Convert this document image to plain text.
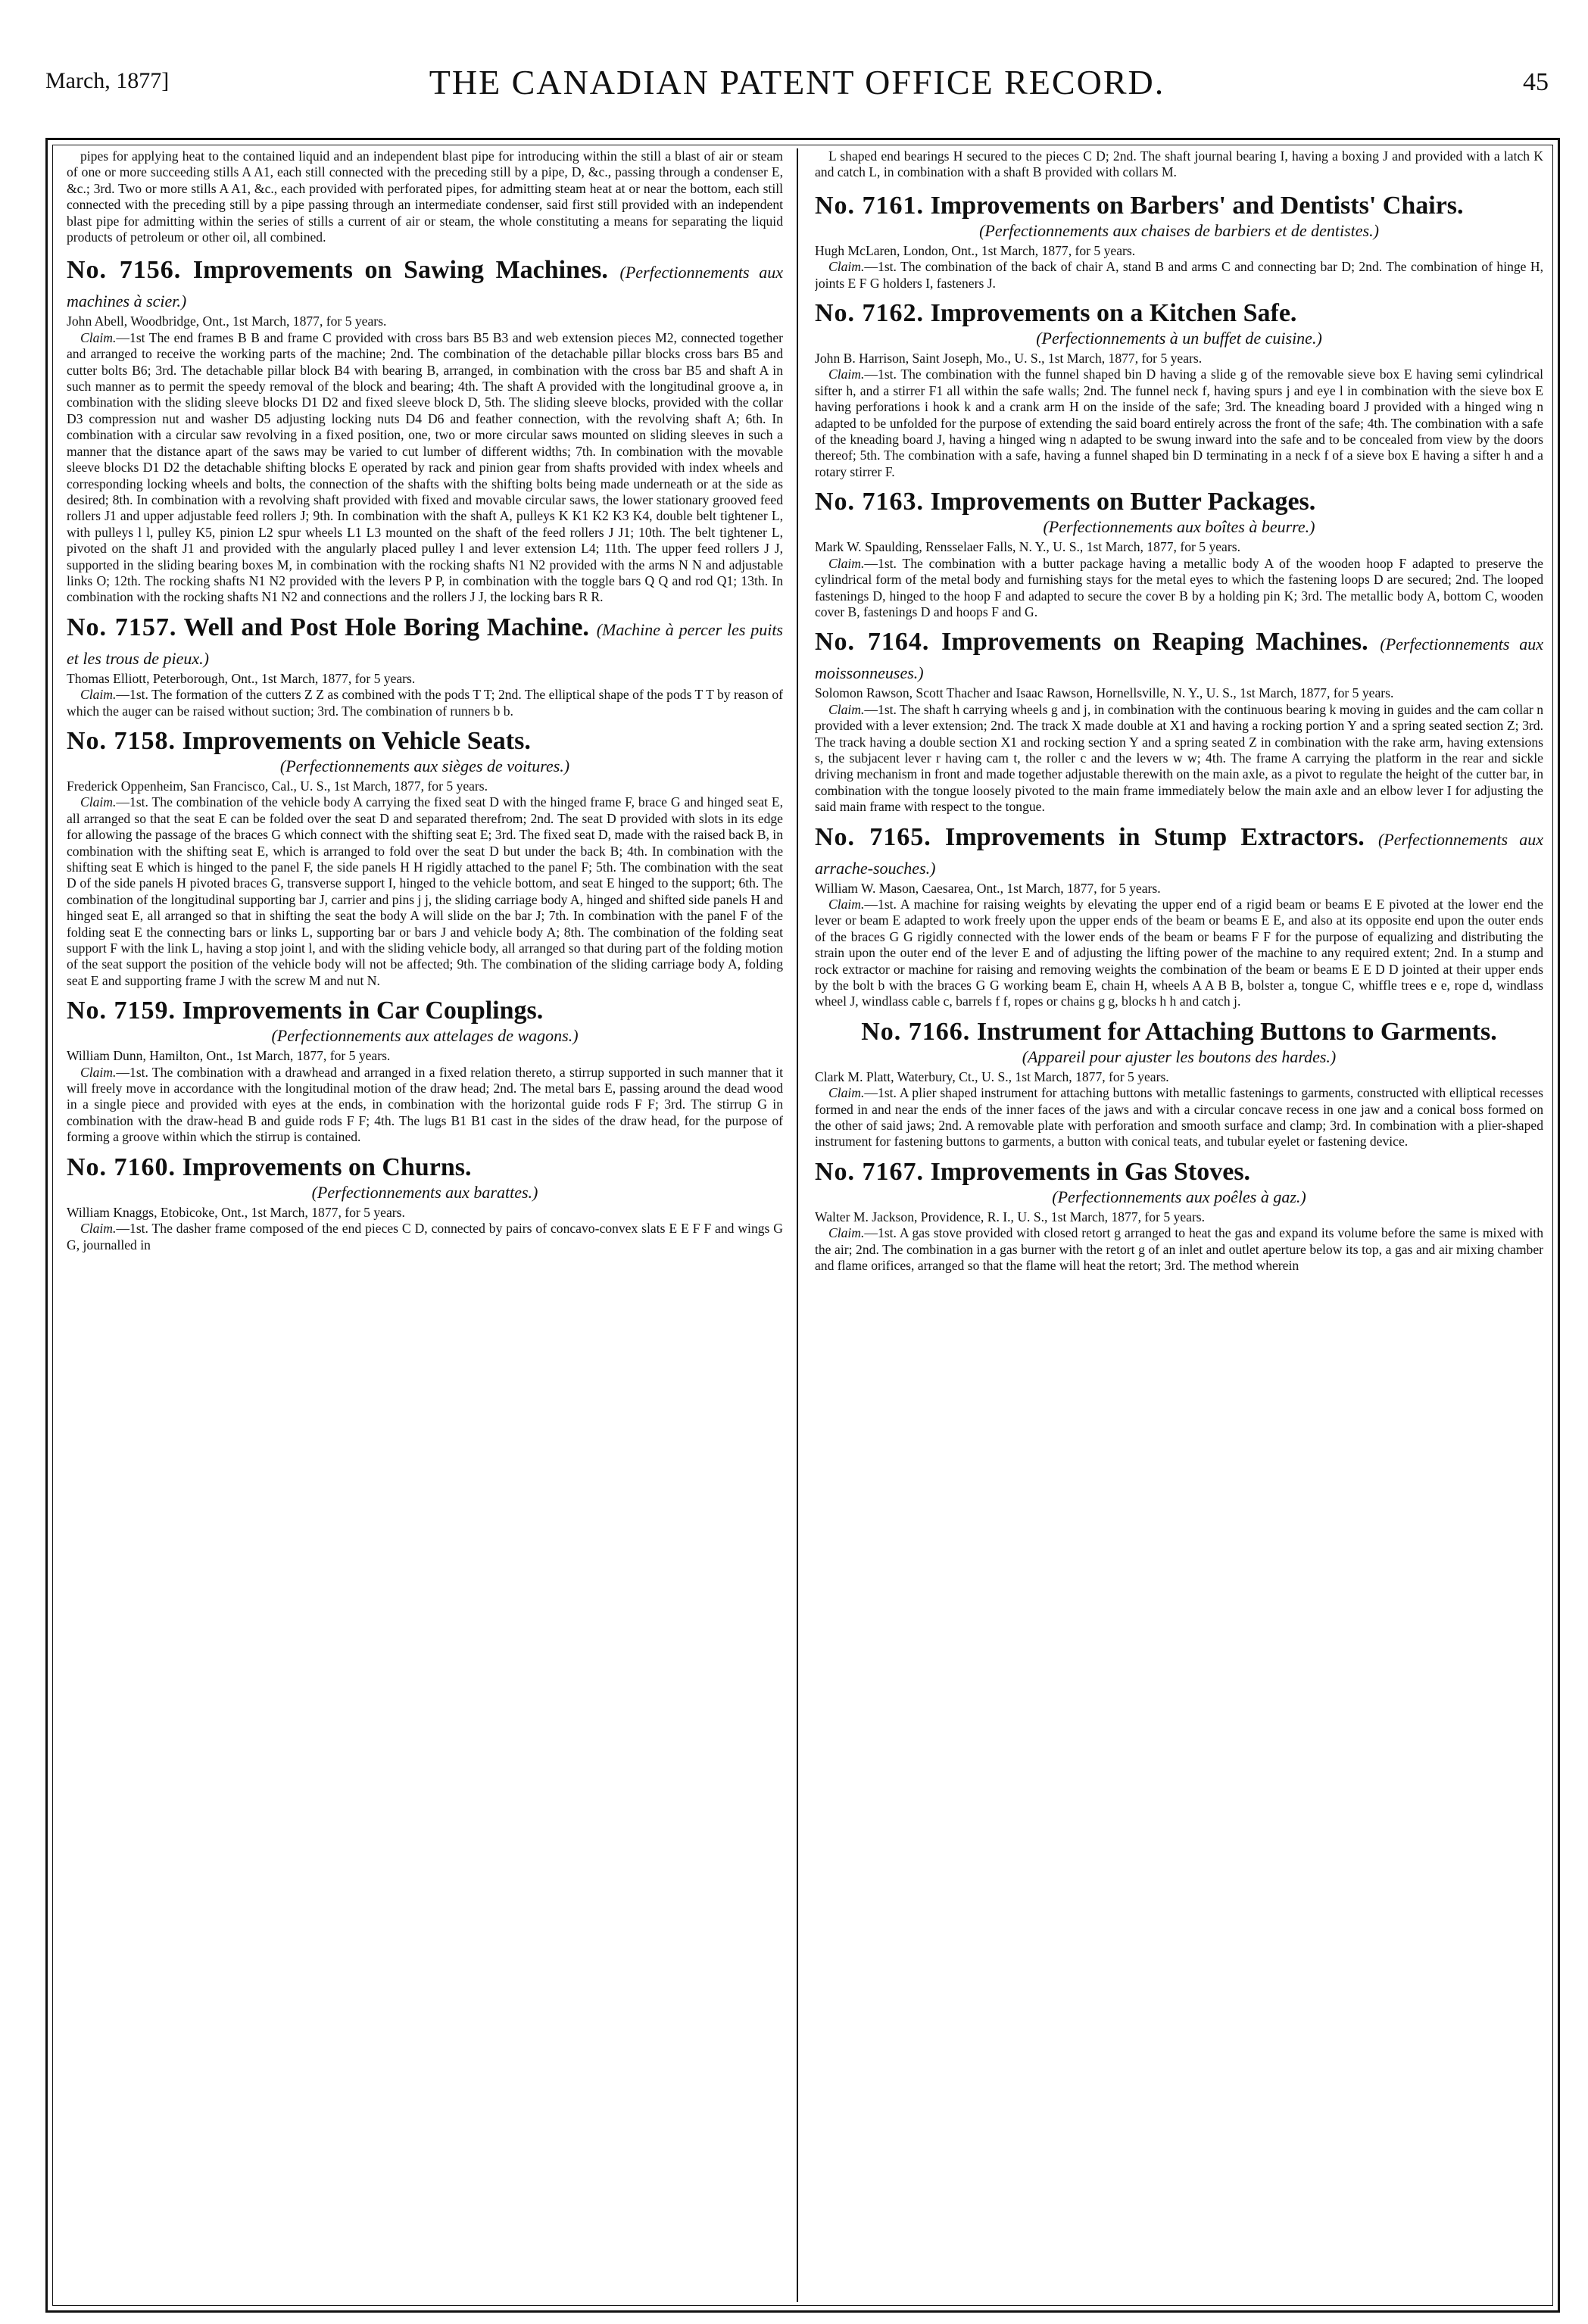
March, 1877]	THE CANADIAN PATENT OFFICE RECORD.	45

pipes for applying heat to the contained liquid and an independent blast pipe for introducing within the still a blast of air or steam of one or more succeeding stills A A1, each still connected with the preceding still by a pipe, D, &c., passing through a condenser E, &c.; 3rd. Two or more stills A A1, &c., each provided with perforated pipes, for admitting steam heat at or near the bottom, each still connected with the preceding still by a pipe passing through an intermediate condenser, said first still provided with an independent blast pipe for admitting within the series of stills a current of air or steam, the whole constituting a means for separating the liquid products of petroleum or other oil, all combined.

No. 7156. Improvements on Sawing Machines. (Perfectionnements aux machines à scier.)

John Abell, Woodbridge, Ont., 1st March, 1877, for 5 years.

Claim.—1st The end frames B B and frame C provided with cross bars B5 B3 and web extension pieces M2, connected together and arranged to receive the working parts of the machine; 2nd. The combination of the detachable pillar blocks cross bars B5 and cutter bolts B6; 3rd. The detachable pillar block B4 with bearing B, arranged, in combination with the cross bar B5 and shaft A in such manner as to permit the speedy removal of the block and bearing; 4th. The shaft A provided with the longitudinal groove a, in combination with the sliding sleeve blocks D1 D2 and fixed sleeve block D, 5th. The sliding sleeve blocks, provided with the collar D3 compression nut and washer D5 adjusting locking nuts D4 D6 and feather connection, with the revolving shaft A; 6th. In combination with a circular saw revolving in a fixed position, one, two or more circular saws mounted on sliding sleeves in such a manner that the distance apart of the saws may be varied to cut lumber of different widths; 7th. In combination with the movable sleeve blocks D1 D2 the detachable shifting blocks E operated by rack and pinion gear from shafts provided with index wheels and corresponding locking wheels and bolts, the connection of the shafts with the shifting bolts being made underneath or at the side as desired; 8th. In combination with a revolving shaft provided with fixed and movable circular saws, the lower stationary grooved feed rollers J1 and upper adjustable feed rollers J; 9th. In combination with the shaft A, pulleys K K1 K2 K3 K4, double belt tightener L, with pulleys l l, pulley K5, pinion L2 spur wheels L1 L3 mounted on the shaft of the feed rollers J J1; 10th. The belt tightener L, pivoted on the shaft J1 and provided with the angularly placed pulley l and lever extension L4; 11th. The upper feed rollers J J, supported in the sliding bearing boxes M, in combination with the rocking shafts N1 N2 provided with the arms N N and adjustable links O; 12th. The rocking shafts N1 N2 provided with the levers P P, in combination with the toggle bars Q Q and rod Q1; 13th. In combination with the rocking shafts N1 N2 and connections and the rollers J J, the locking bars R R.

No. 7157. Well and Post Hole Boring Machine. (Machine à percer les puits et les trous de pieux.)

Thomas Elliott, Peterborough, Ont., 1st March, 1877, for 5 years.

Claim.—1st. The formation of the cutters Z Z as combined with the pods T T; 2nd. The elliptical shape of the pods T T by reason of which the auger can be raised without suction; 3rd. The combination of runners b b.

No. 7158. Improvements on Vehicle Seats.

(Perfectionnements aux sièges de voitures.)

Frederick Oppenheim, San Francisco, Cal., U. S., 1st March, 1877, for 5 years.

Claim.—1st. The combination of the vehicle body A carrying the fixed seat D with the hinged frame F, brace G and hinged seat E, all arranged so that the seat E can be folded over the seat D and separated therefrom; 2nd. The seat D provided with slots in its edge for allowing the passage of the braces G which connect with the shifting seat E; 3rd. The fixed seat D, made with the raised back B, in combination with the shifting seat E, which is arranged to fold over the seat D but under the back B; 4th. In combination with the shifting seat E which is hinged to the panel F, the side panels H H rigidly attached to the panel F; 5th. The combination with the seat D of the side panels H pivoted braces G, transverse support I, hinged to the vehicle bottom, and seat E hinged to the support; 6th. The combination of the longitudinal supporting bar J, carrier and pins j j, the sliding carriage body A, hinged and shifted side panels H and hinged seat E, all arranged so that in shifting the seat the body A will slide on the bar J; 7th. In combination with the panel F of the folding seat E the connecting bars or links L, supporting bar or bars J and vehicle body A; 8th. The combination of the folding seat support F with the link L, having a stop joint l, and with the sliding vehicle body, all arranged so that during part of the folding motion of the seat support the position of the vehicle body will not be affected; 9th. The combination of the sliding carriage body A, folding seat E and supporting frame J with the screw M and nut N.

No. 7159. Improvements in Car Couplings.

(Perfectionnements aux attelages de wagons.)

William Dunn, Hamilton, Ont., 1st March, 1877, for 5 years.

Claim.—1st. The combination with a drawhead and arranged in a fixed relation thereto, a stirrup supported in such manner that it will freely move in accordance with the longitudinal motion of the draw head; 2nd. The metal bars E, passing around the dead wood in a single piece and provided with eyes at the ends, in combination with the horizontal guide rods F F; 3rd. The stirrup G in combination with the draw-head B and guide rods F F; 4th. The lugs B1 B1 cast in the sides of the draw head, for the purpose of forming a groove within which the stirrup is contained.

No. 7160. Improvements on Churns.

(Perfectionnements aux barattes.)

William Knaggs, Etobicoke, Ont., 1st March, 1877, for 5 years.

Claim.—1st. The dasher frame composed of the end pieces C D, connected by pairs of concavo-convex slats E E F F and wings G G, journalled in

L shaped end bearings H secured to the pieces C D; 2nd. The shaft journal bearing I, having a boxing J and provided with a latch K and catch L, in combination with a shaft B provided with collars M.

No. 7161. Improvements on Barbers' and Dentists' Chairs.

(Perfectionnements aux chaises de barbiers et de dentistes.)

Hugh McLaren, London, Ont., 1st March, 1877, for 5 years.

Claim.—1st. The combination of the back of chair A, stand B and arms C and connecting bar D; 2nd. The combination of hinge H, joints E F G holders I, fasteners J.

No. 7162. Improvements on a Kitchen Safe.

(Perfectionnements à un buffet de cuisine.)

John B. Harrison, Saint Joseph, Mo., U. S., 1st March, 1877, for 5 years.

Claim.—1st. The combination with the funnel shaped bin D having a slide g of the removable sieve box E having semi cylindrical sifter h, and a stirrer F1 all within the safe walls; 2nd. The funnel neck f, having spurs j and eye l in combination with the sieve box E having perforations i hook k and a crank arm H on the inside of the safe; 3rd. The kneading board J provided with a hinged wing n adapted to be unfolded for the purpose of extending the said board entirely across the front of the safe; 4th. The combination with a safe of the kneading board J, having a hinged wing n adapted to be swung inward into the safe and to be concealed from view by the doors thereof; 5th. The combination with a safe, having a funnel shaped bin D terminating in a neck f of a sieve box E having a sifter h and a rotary stirrer F.

No. 7163. Improvements on Butter Packages.

(Perfectionnements aux boîtes à beurre.)

Mark W. Spaulding, Rensselaer Falls, N. Y., U. S., 1st March, 1877, for 5 years.

Claim.—1st. The combination with a butter package having a metallic body A of the wooden hoop F adapted to preserve the cylindrical form of the metal body and furnishing stays for the metal eyes to which the fastening loops D are secured; 2nd. The looped fastenings D, hinged to the hoop F and adapted to secure the cover B by a holding pin K; 3rd. The metallic body A, bottom C, wooden cover B, fastenings D and hoops F and G.

No. 7164. Improvements on Reaping Machines. (Perfectionnements aux moissonneuses.)

Solomon Rawson, Scott Thacher and Isaac Rawson, Hornellsville, N. Y., U. S., 1st March, 1877, for 5 years.

Claim.—1st. The shaft h carrying wheels g and j, in combination with the continuous bearing k moving in guides and the cam collar n provided with a lever extension; 2nd. The track X made double at X1 and having a rocking portion Y and a spring seated section Z; 3rd. The track having a double section X1 and rocking section Y and a spring seated Z in combination with the rake arm, having extensions s, the subjacent lever r having cam t, the roller c and the levers w w; 4th. The frame A carrying the platform in the rear and sickle driving mechanism in front and made together adjustable therewith on the main axle, as a pivot to regulate the height of the cutter bar, in combination with the tongue loosely pivoted to the main frame immediately below the main axle and an elbow lever I for adjusting the said main frame with respect to the tongue.

No. 7165. Improvements in Stump Extractors. (Perfectionnements aux arrache-souches.)

William W. Mason, Caesarea, Ont., 1st March, 1877, for 5 years.

Claim.—1st. A machine for raising weights by elevating the upper end of a rigid beam or beams E E pivoted at the lower end the lever or beam E adapted to work freely upon the upper ends of the beam or beams E E, and also at its opposite end upon the outer ends of the braces G G rigidly connected with the lower ends of the beam or beams F F for the purpose of equalizing and distributing the strain upon the outer end of the lever E and of adjusting the lifting power of the machine to any required extent; 2nd. In a stump and rock extractor or machine for raising and removing weights the combination of the beam or beams E E D D jointed at their upper ends by the bolt b with the braces G G working beam E, chain H, wheels A A B B, bolster a, tongue C, whiffle trees e e, rope d, windlass wheel J, windlass cable c, barrels f f, ropes or chains g g, blocks h h and catch j.

No. 7166. Instrument for Attaching Buttons to Garments.

(Appareil pour ajuster les boutons des hardes.)

Clark M. Platt, Waterbury, Ct., U. S., 1st March, 1877, for 5 years.

Claim.—1st. A plier shaped instrument for attaching buttons with metallic fastenings to garments, constructed with elliptical recesses formed in and near the ends of the inner faces of the jaws and with a circular concave recess in one jaw and a conical boss formed on the other of said jaws; 2nd. A removable plate with perforation and smooth surface and clamp; 3rd. In combination with a plier-shaped instrument for fastening buttons to garments, a button with conical teats, and tubular eyelet or fastening device.

No. 7167. Improvements in Gas Stoves.

(Perfectionnements aux poêles à gaz.)

Walter M. Jackson, Providence, R. I., U. S., 1st March, 1877, for 5 years.

Claim.—1st. A gas stove provided with closed retort g arranged to heat the gas and expand its volume before the same is mixed with the air; 2nd. The combination in a gas burner with the retort g of an inlet and outlet aperture below its top, a gas and air mixing chamber and flame orifices, arranged so that the flame will heat the retort; 3rd. The method wherein
